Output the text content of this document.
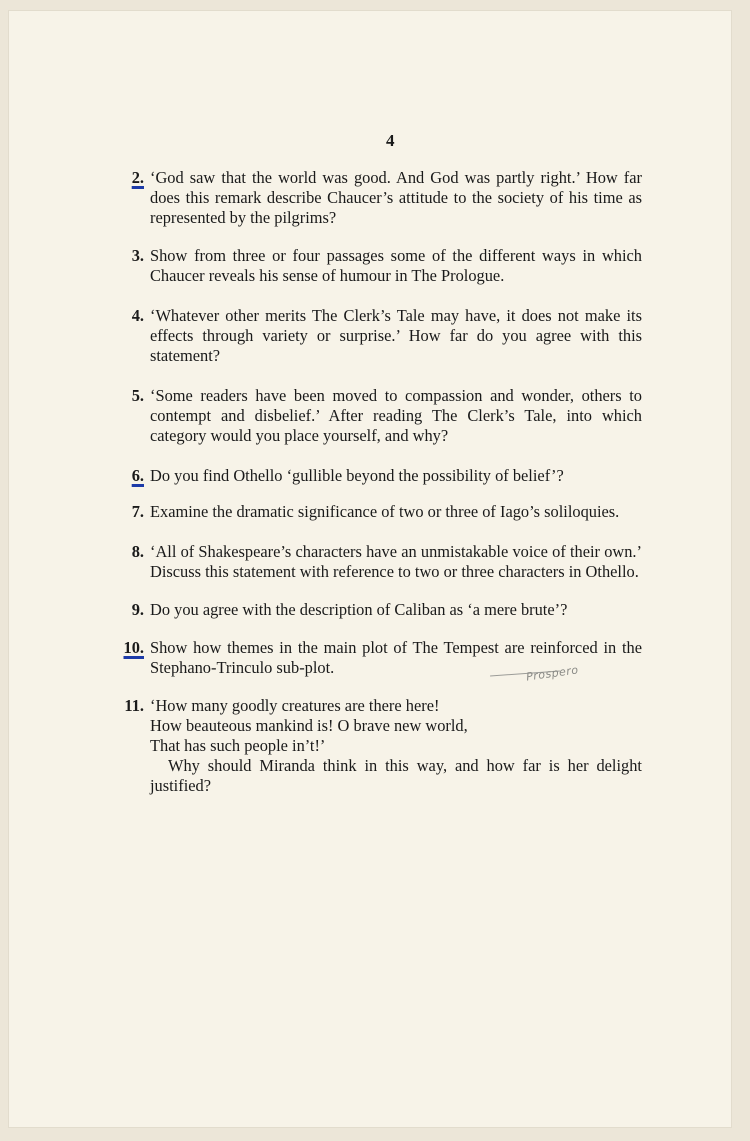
4
2. ‘God saw that the world was good. And God was partly right.’ How far does this remark describe Chaucer’s attitude to the society of his time as represented by the pilgrims?
3. Show from three or four passages some of the different ways in which Chaucer reveals his sense of humour in The Prologue.
4. ‘Whatever other merits The Clerk’s Tale may have, it does not make its effects through variety or surprise.’ How far do you agree with this statement?
5. ‘Some readers have been moved to compassion and wonder, others to contempt and disbelief.’ After reading The Clerk’s Tale, into which category would you place yourself, and why?
6. Do you find Othello ‘gullible beyond the possibility of belief’?
7. Examine the dramatic significance of two or three of Iago’s soliloquies.
8. ‘All of Shakespeare’s characters have an unmistakable voice of their own.’ Discuss this statement with reference to two or three characters in Othello.
9. Do you agree with the description of Caliban as ‘a mere brute’?
10. Show how themes in the main plot of The Tempest are reinforced in the Stephano-Trinculo sub-plot.
11. ‘How many goodly creatures are there here!
How beauteous mankind is! O brave new world,
That has such people in’t!’
Why should Miranda think in this way, and how far is her delight justified?
Prospero
